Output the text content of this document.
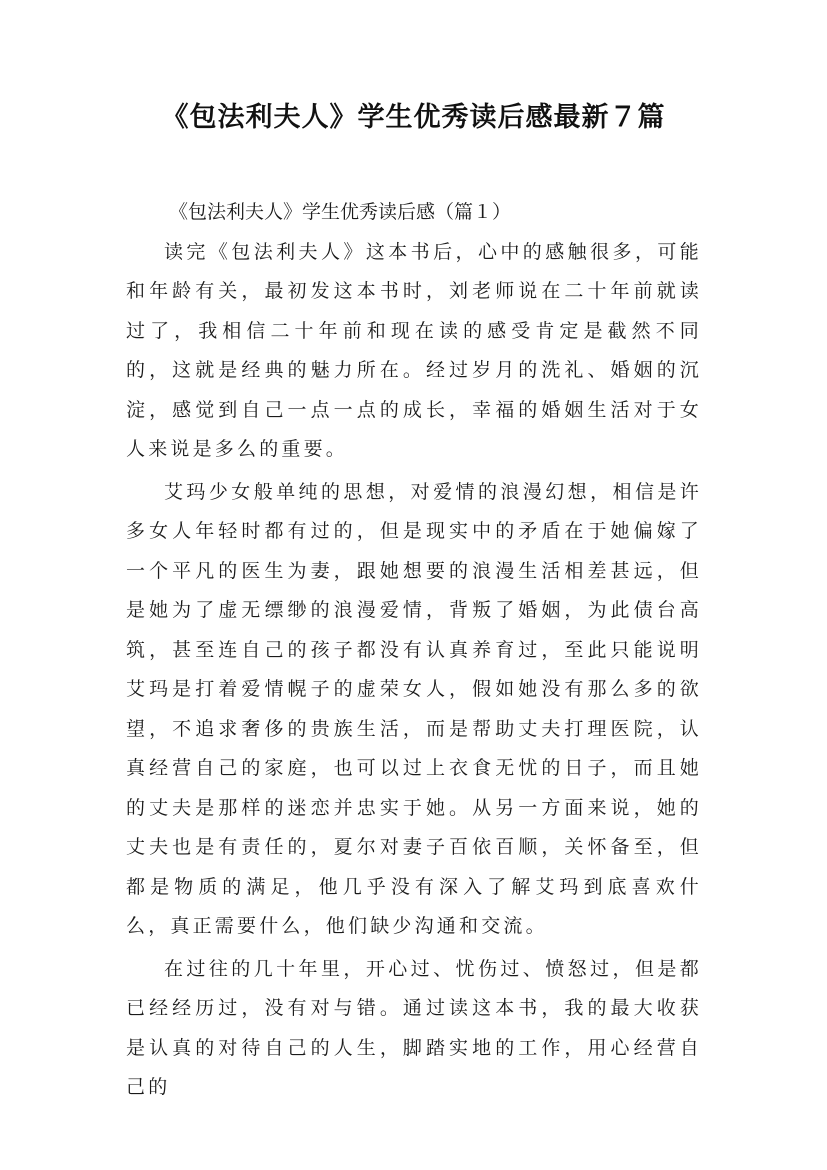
《包法利夫人》学生优秀读后感最新７篇

《包法利夫人》学生优秀读后感（篇１）

读完《包法利夫人》这本书后，心中的感触很多，可能和年龄有关，最初发这本书时，刘老师说在二十年前就读过了，我相信二十年前和现在读的感受肯定是截然不同的，这就是经典的魅力所在。经过岁月的洗礼、婚姻的沉淀，感觉到自己一点一点的成长，幸福的婚姻生活对于女人来说是多么的重要。

艾玛少女般单纯的思想，对爱情的浪漫幻想，相信是许多女人年轻时都有过的，但是现实中的矛盾在于她偏嫁了一个平凡的医生为妻，跟她想要的浪漫生活相差甚远，但是她为了虚无缥缈的浪漫爱情，背叛了婚姻，为此债台高筑，甚至连自己的孩子都没有认真养育过，至此只能说明艾玛是打着爱情幌子的虚荣女人，假如她没有那么多的欲望，不追求奢侈的贵族生活，而是帮助丈夫打理医院，认真经营自己的家庭，也可以过上衣食无忧的日子，而且她的丈夫是那样的迷恋并忠实于她。从另一方面来说，她的丈夫也是有责任的，夏尔对妻子百依百顺，关怀备至，但都是物质的满足，他几乎没有深入了解艾玛到底喜欢什么，真正需要什么，他们缺少沟通和交流。

在过往的几十年里，开心过、忧伤过、愤怒过，但是都已经经历过，没有对与错。通过读这本书，我的最大收获是认真的对待自己的人生，脚踏实地的工作，用心经营自己的
